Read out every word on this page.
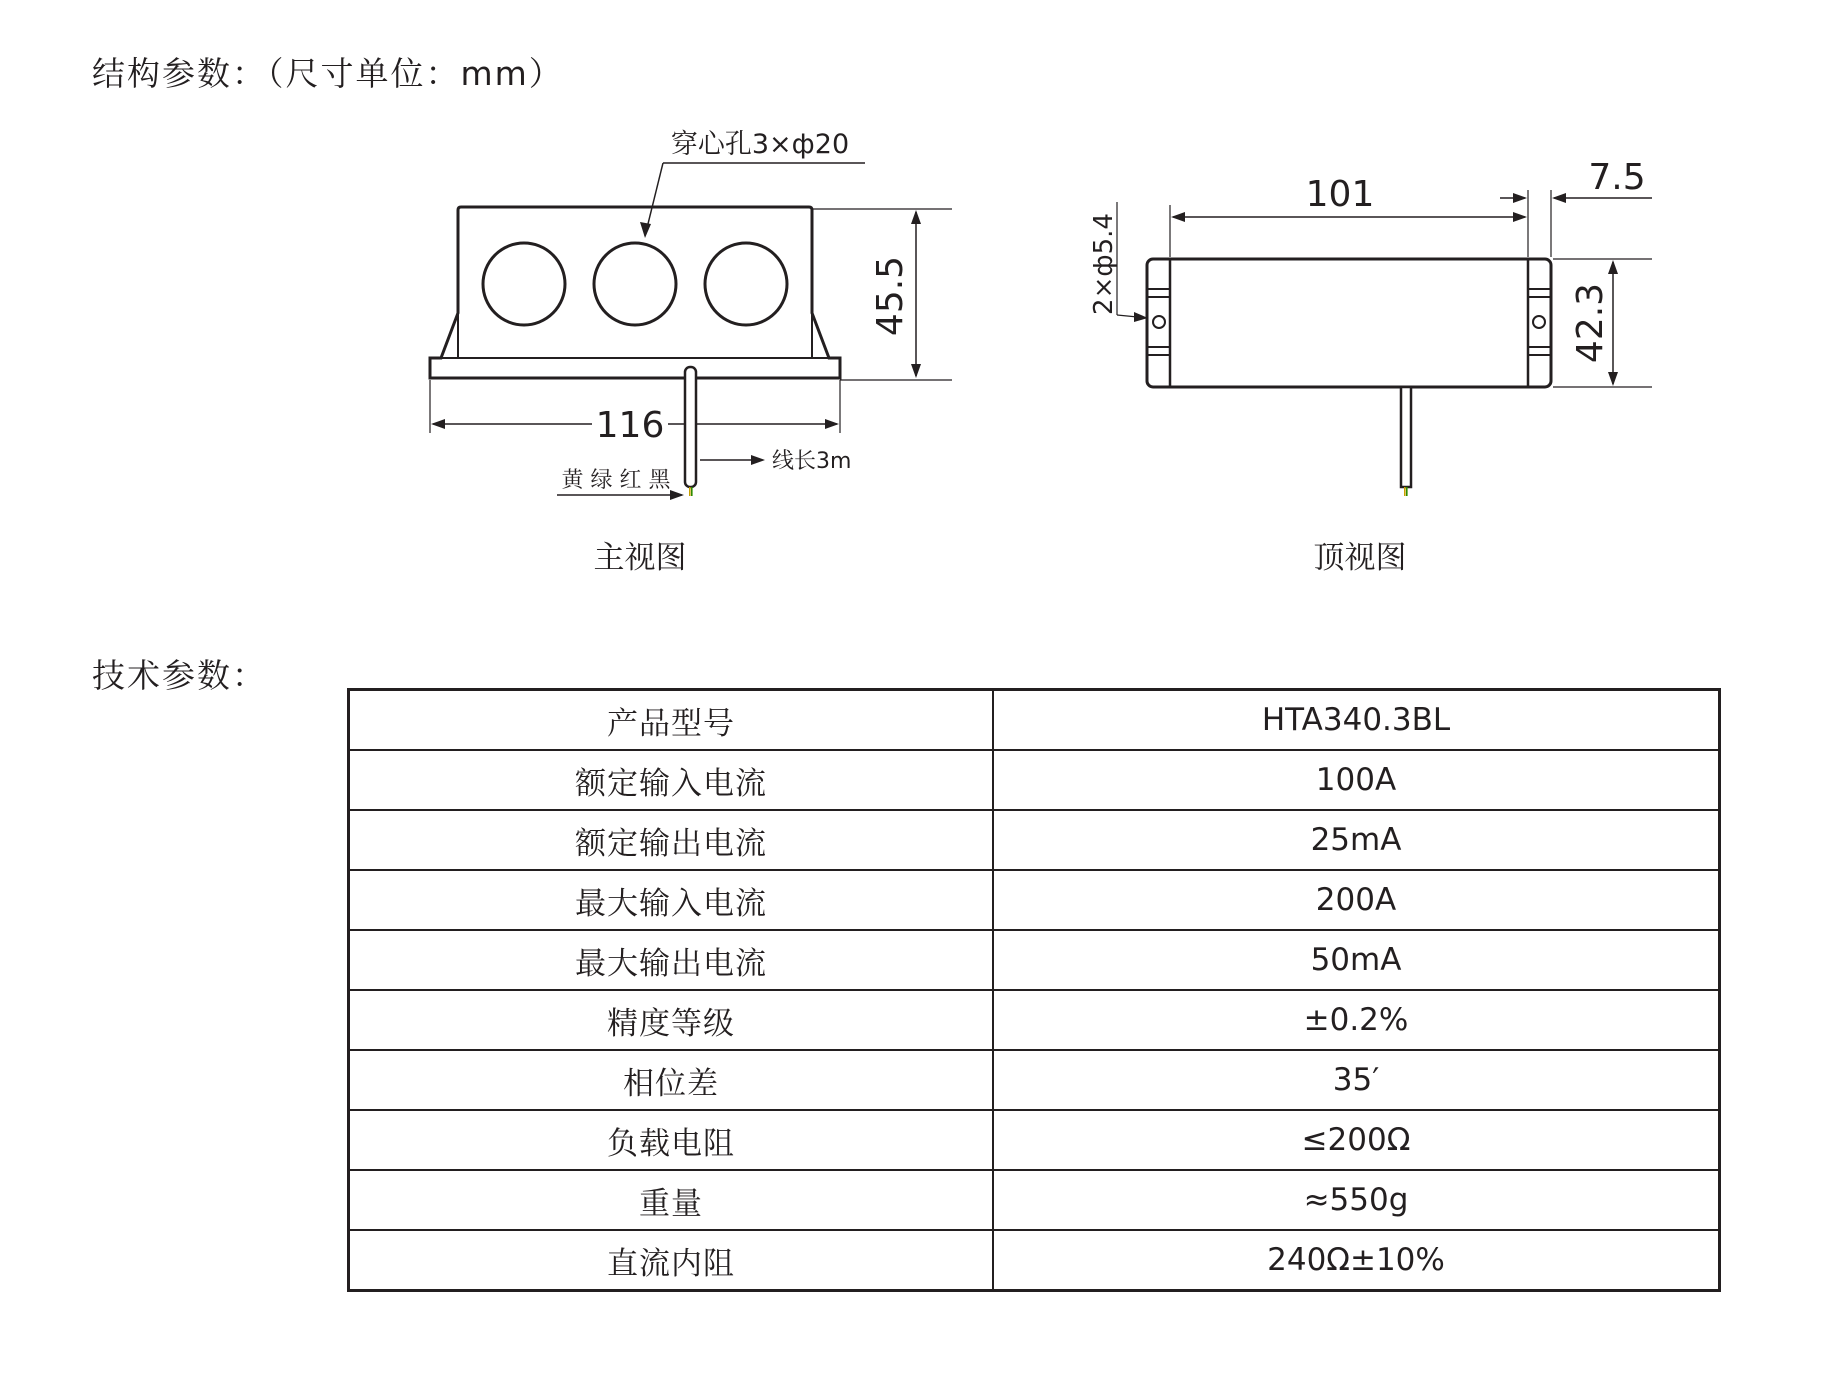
结构参数：（尺寸单位：mm）
穿心孔3×ф20
45.5
116
黄 绿 红 黑
线长3m
主视图
101	7.5
2×ф5.4
42.3
顶视图
技术参数：
产品型号	HTA340.3BL
额定输入电流	100A
额定输出电流	25mA
最大输入电流	200A
最大输出电流	50mA
精度等级	±0.2%
相位差	35′
负载电阻	≤200Ω
重量	≈550g
直流内阻	240Ω±10%
